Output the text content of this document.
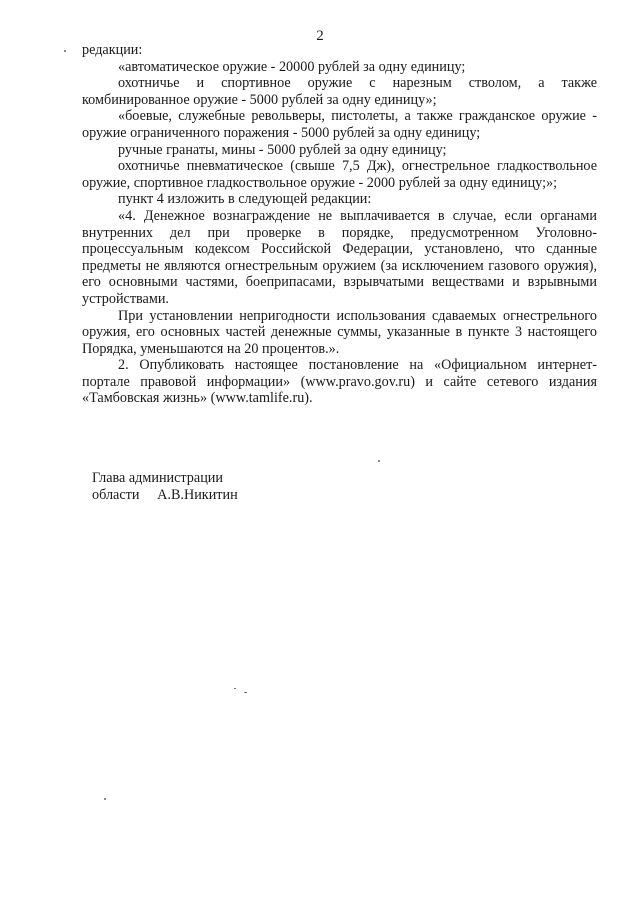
2

редакции:

«автоматическое оружие - 20000 рублей за одну единицу;

охотничье и спортивное оружие с нарезным стволом, а также комбинированное оружие - 5000 рублей за одну единицу»;

«боевые, служебные револьверы, пистолеты, а также гражданское оружие - оружие ограниченного поражения - 5000 рублей за одну единицу;

ручные гранаты, мины - 5000 рублей за одну единицу;

охотничье пневматическое (свыше 7,5 Дж), огнестрельное гладкоствольное оружие, спортивное гладкоствольное оружие - 2000 рублей за одну единицу;»;

пункт 4 изложить в следующей редакции:

«4. Денежное вознаграждение не выплачивается в случае, если органами внутренних дел при проверке в порядке, предусмотренном Уголовно-процессуальным кодексом Российской Федерации, установлено, что сданные предметы не являются огнестрельным оружием (за исключением газового оружия), его основными частями, боеприпасами, взрывчатыми веществами и взрывными устройствами.

При установлении непригодности использования сдаваемых огнестрельного оружия, его основных частей денежные суммы, указанные в пункте 3 настоящего Порядка, уменьшаются на 20 процентов.».

2. Опубликовать настоящее постановление на «Официальном интернет-портале правовой информации» (www.pravo.gov.ru) и сайте сетевого издания «Тамбовская жизнь» (www.tamlife.ru).

Глава администрации

области     А.В.Никитин
